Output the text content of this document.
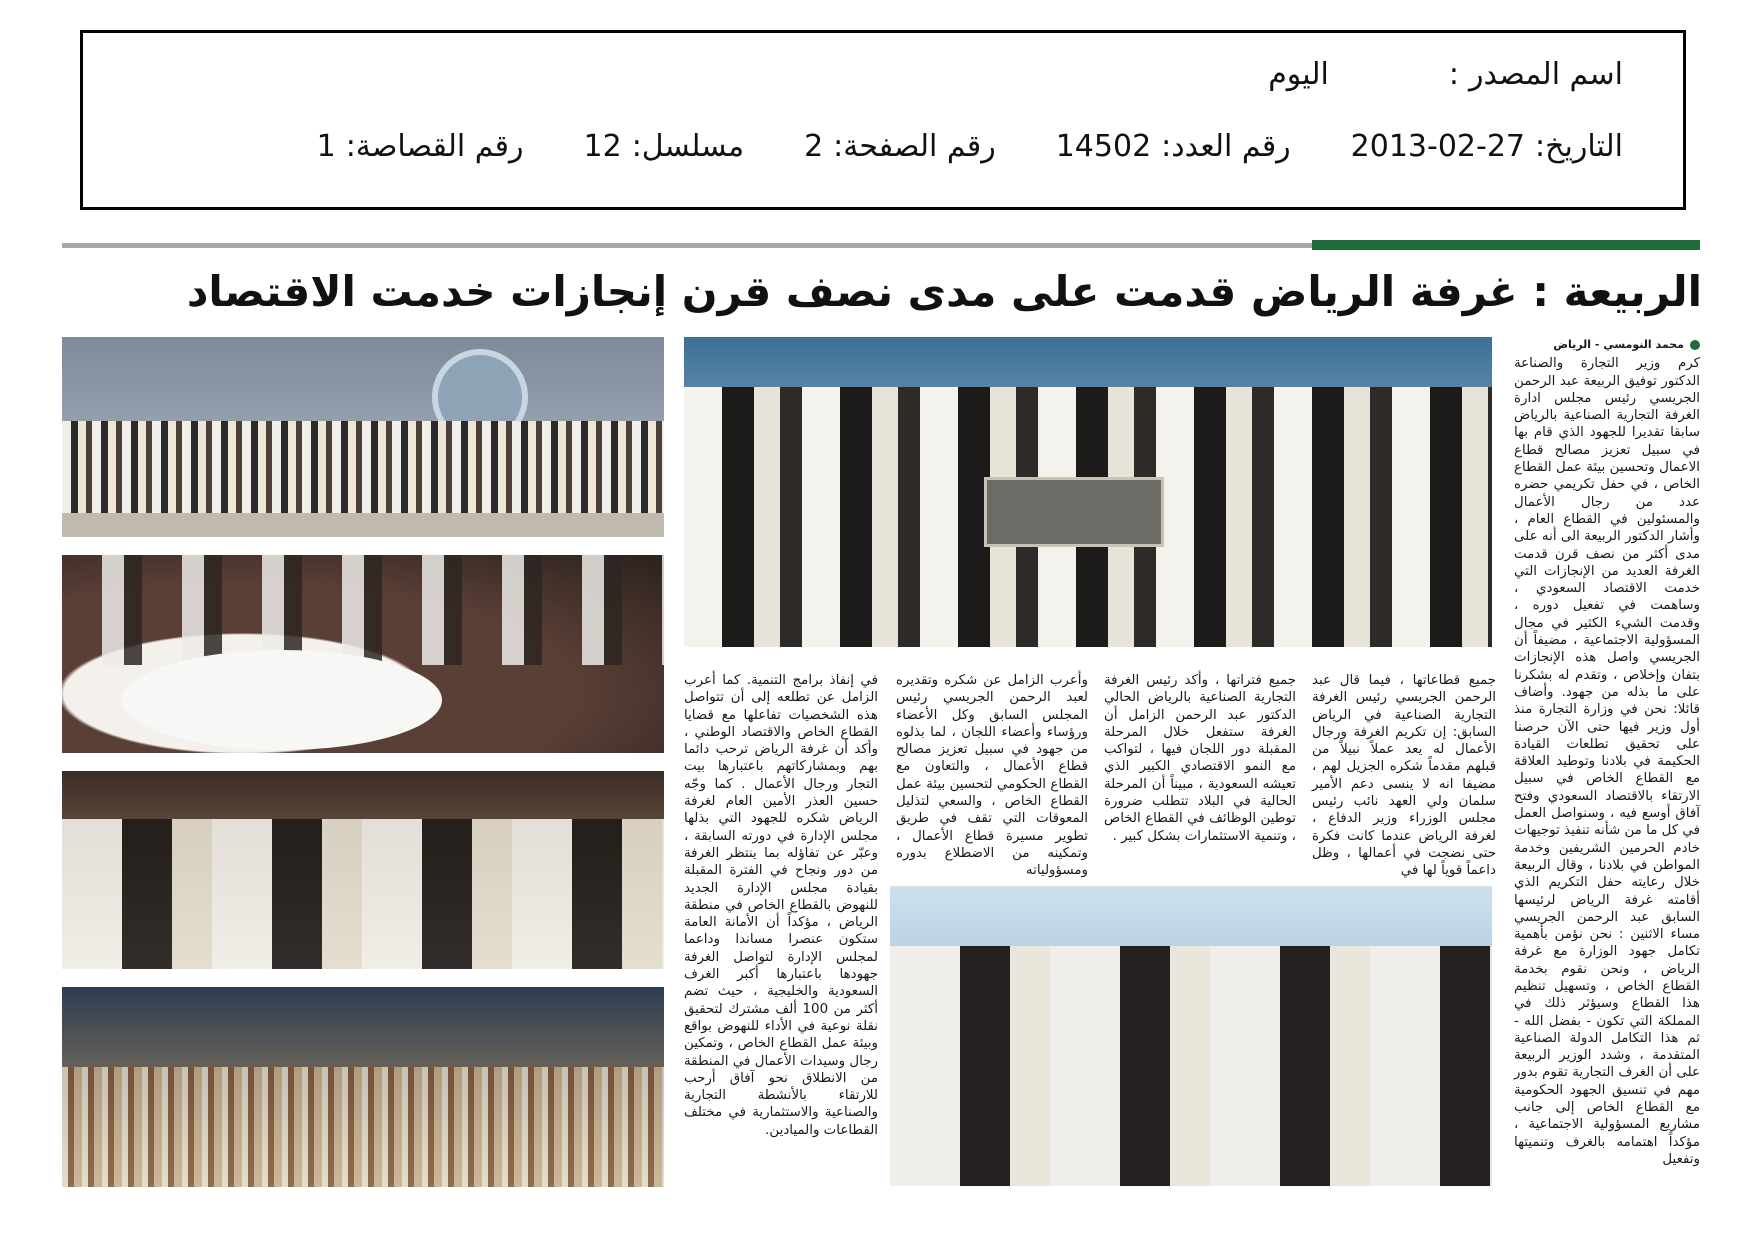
اسم المصدر
:
اليوم
التاريخ:
2013-02-27
رقم العدد:
14502
رقم الصفحة:
2
مسلسل:
12
رقم القصاصة:
1
الربيعة : غرفة الرياض قدمت على مدى نصف قرن إنجازات خدمت الاقتصاد
محمد النومسي - الرياض
كرم وزير التجارة والصناعة الدكتور توفيق الربيعة عبد الرحمن الجريسي رئيس مجلس ادارة الغرفة التجارية الصناعية بالرياض سابقا تقديرا للجهود الذي قام بها في سبيل تعزيز مصالح قطاع الاعمال وتحسين بيئة عمل القطاع الخاص ، في حفل تكريمي حضره عدد من رجال الأعمال والمسئولين في القطاع العام ، وأشار الدكتور الربيعة الى أنه على مدى أكثر من نصف قرن قدمت الغرفة العديد من الإنجازات التي خدمت الاقتصاد السعودي ، وساهمت في تفعيل دوره ، وقدمت الشيء الكثير في مجال المسؤولية الاجتماعية ، مضيفاً أن الجريسي واصل هذه الإنجازات بتفان وإخلاص ، وتقدم له بشكرنا على ما بذله من جهود. وأضاف قائلا: نحن في وزارة التجارة منذ أول وزير فيها حتى الآن حرصنا على تحقيق تطلعات القيادة الحكيمة في بلادنا وتوطيد العلاقة مع القطاع الخاص في سبيل الارتقاء بالاقتصاد السعودي وفتح آفاق أوسع فيه ، وسنواصل العمل في كل ما من شأنه تنفيذ توجيهات خادم الحرمين الشريفين وخدمة المواطن في بلادنا ، وقال الربيعة خلال رعايته حفل التكريم الذي أقامته غرفة الرياض لرئيسها السابق عبد الرحمن الجريسي مساء الاثنين : نحن نؤمن بأهمية تكامل جهود الوزارة مع غرفة الرياض ، ونحن نقوم بخدمة القطاع الخاص ، وتسهيل تنظيم هذا القطاع وسيؤثر ذلك في المملكة التي تكون - بفضل الله - ثم هذا التكامل الدولة الصناعية المتقدمة ، وشدد الوزير الربيعة على أن الغرف التجارية تقوم بدور مهم في تنسيق الجهود الحكومية مع القطاع الخاص إلى جانب مشاريع المسؤولية الاجتماعية ، مؤكداً اهتمامه بالغرف وتنميتها وتفعيل
جميع قطاعاتها ، فيما قال عبد الرحمن الجريسي رئيس الغرفة التجارية الصناعية في الرياض السابق: إن تكريم الغرفة ورجال الأعمال له يعد عملاً نبيلاً من قبلهم مقدماً شكره الجزيل لهم ، مضيفا انه لا ينسى دعم الأمير سلمان ولي العهد نائب رئيس مجلس الوزراء وزير الدفاع ، لغرفة الرياض عندما كانت فكرة حتى نضجت في أعمالها ، وظل داعماً قوياً لها في
جميع فتراتها ، وأكد رئيس الغرفة التجارية الصناعية بالرياض الحالي الدكتور عبد الرحمن الزامل أن الغرفة ستفعل خلال المرحلة المقبلة دور اللجان فيها ، لتواكب مع النمو الاقتصادي الكبير الذي تعيشه السعودية ، مبيناً أن المرحلة الحالية في البلاد تتطلب ضرورة توطين الوظائف في القطاع الخاص ، وتنمية الاستثمارات بشكل كبير .
وأعرب الزامل عن شكره وتقديره لعبد الرحمن الجريسي رئيس المجلس السابق وكل الأعضاء ورؤساء وأعضاء اللجان ، لما بذلوه من جهود في سبيل تعزيز مصالح قطاع الأعمال ، والتعاون مع القطاع الحكومي لتحسين بيئة عمل القطاع الخاص ، والسعي لتذليل المعوقات التي تقف في طريق تطوير مسيرة قطاع الأعمال ، وتمكينه من الاضطلاع بدوره ومسؤولياته
في إنفاذ برامج التنمية. كما أعرب الزامل عن تطلعه إلى أن تتواصل هذه الشخصيات تفاعلها مع قضايا القطاع الخاص والاقتصاد الوطني ، وأكد أن غرفة الرياض ترحب دائما بهم وبمشاركاتهم باعتبارها بيت التجار ورجال الأعمال . كما وجّه حسين العذر الأمين العام لغرفة الرياض شكره للجهود التي بذلها مجلس الإدارة في دورته السابقة ، وعبّر عن تفاؤله بما ينتظر الغرفة من دور ونجاح في الفترة المقبلة بقيادة مجلس الإدارة الجديد للنهوض بالقطاع الخاص في منطقة الرياض ، مؤكداً أن الأمانة العامة ستكون عنصرا مساندا وداعما لمجلس الإدارة لتواصل الغرفة جهودها باعتبارها أكبر الغرف السعودية والخليجية ، حيث تضم أكثر من 100 ألف مشترك لتحقيق نقلة نوعية في الأداء للنهوض بواقع وبيئة عمل القطاع الخاص ، وتمكين رجال وسيدات الأعمال في المنطقة من الانطلاق نحو آفاق أرحب للارتقاء بالأنشطة التجارية والصناعية والاستثمارية في مختلف القطاعات والميادين.
